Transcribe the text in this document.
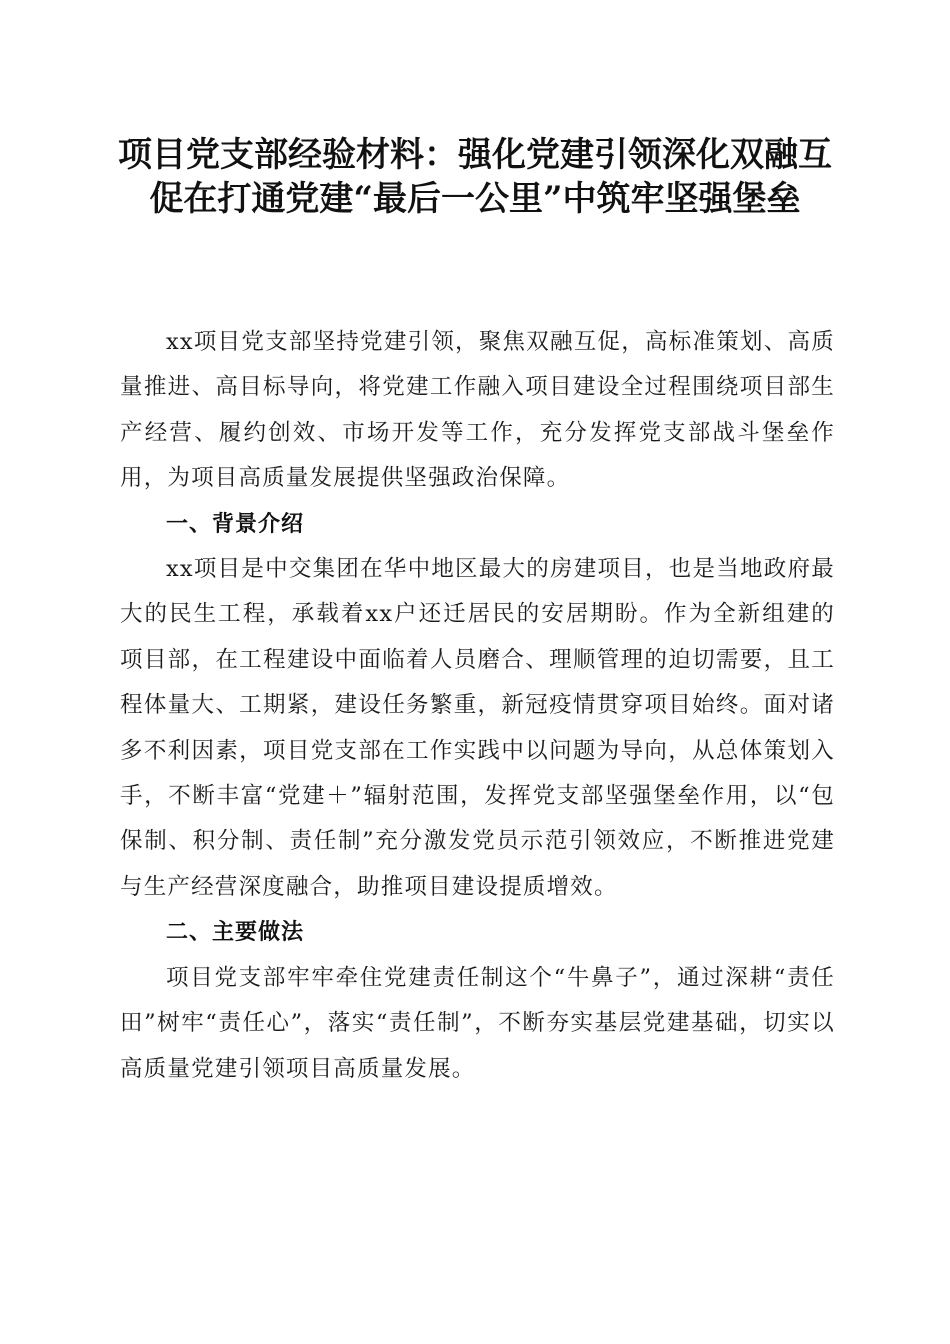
项目党支部经验材料：强化党建引领深化双融互促在打通党建“最后一公里”中筑牢坚强堡垒

xx项目党支部坚持党建引领，聚焦双融互促，高标准策划、高质量推进、高目标导向，将党建工作融入项目建设全过程围绕项目部生产经营、履约创效、市场开发等工作，充分发挥党支部战斗堡垒作用，为项目高质量发展提供坚强政治保障。

一、背景介绍

xx项目是中交集团在华中地区最大的房建项目，也是当地政府最大的民生工程，承载着xx户还迁居民的安居期盼。作为全新组建的项目部，在工程建设中面临着人员磨合、理顺管理的迫切需要，且工程体量大、工期紧，建设任务繁重，新冠疫情贯穿项目始终。面对诸多不利因素，项目党支部在工作实践中以问题为导向，从总体策划入手，不断丰富“党建＋”辐射范围，发挥党支部坚强堡垒作用，以“包保制、积分制、责任制”充分激发党员示范引领效应，不断推进党建与生产经营深度融合，助推项目建设提质增效。

二、主要做法

项目党支部牢牢牵住党建责任制这个“牛鼻子”，通过深耕“责任田”树牢“责任心”，落实“责任制”，不断夯实基层党建基础，切实以高质量党建引领项目高质量发展。
